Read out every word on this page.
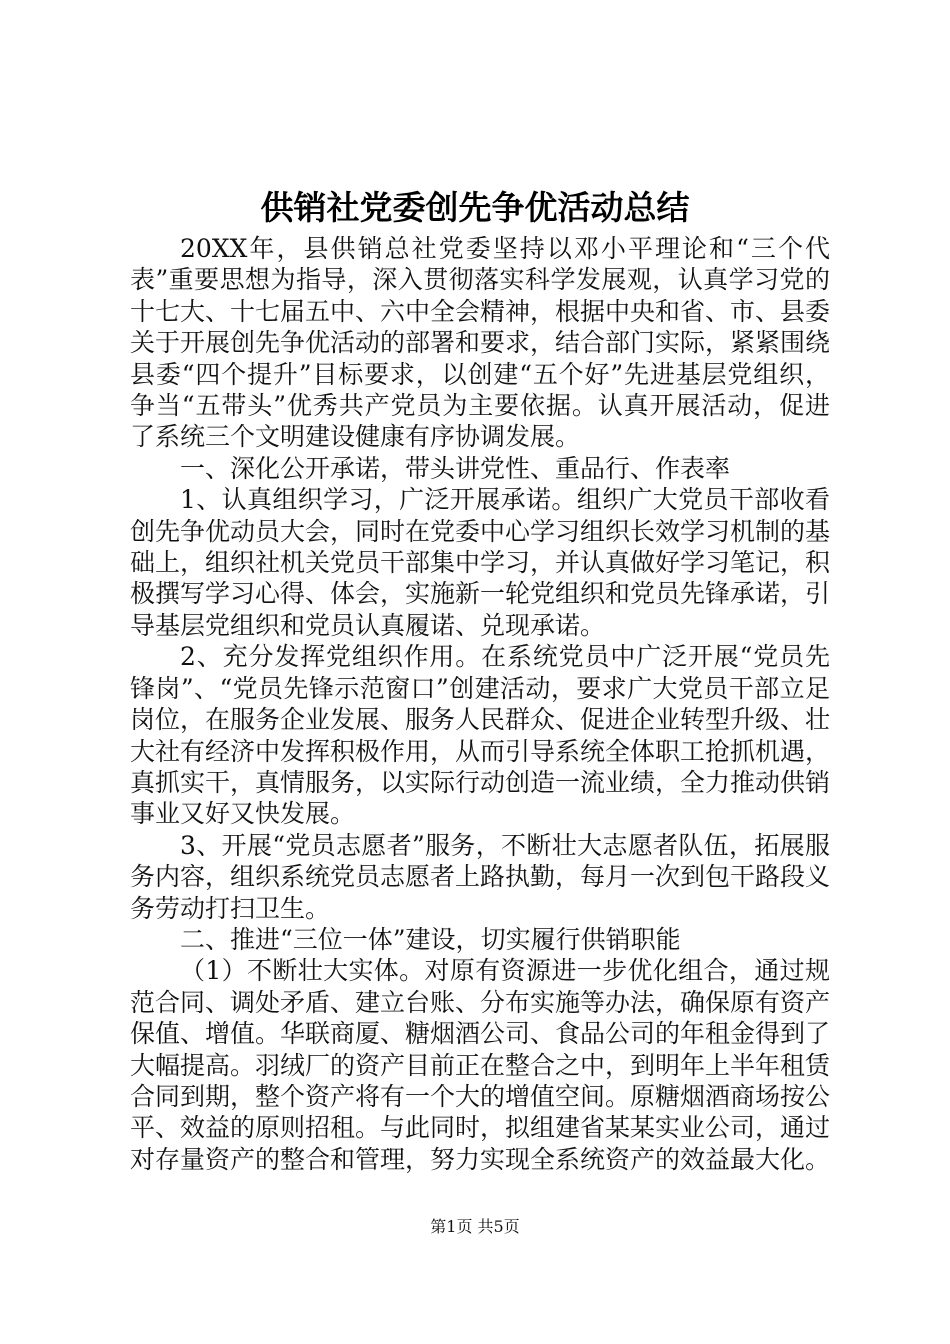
供销社党委创先争优活动总结

20XX年，县供销总社党委坚持以邓小平理论和“三个代表”重要思想为指导，深入贯彻落实科学发展观，认真学习党的十七大、十七届五中、六中全会精神，根据中央和省、市、县委关于开展创先争优活动的部署和要求，结合部门实际，紧紧围绕县委“四个提升”目标要求，以创建“五个好”先进基层党组织，争当“五带头”优秀共产党员为主要依据。认真开展活动，促进了系统三个文明建设健康有序协调发展。

一、深化公开承诺，带头讲党性、重品行、作表率

1、认真组织学习，广泛开展承诺。组织广大党员干部收看创先争优动员大会，同时在党委中心学习组织长效学习机制的基础上，组织社机关党员干部集中学习，并认真做好学习笔记，积极撰写学习心得、体会，实施新一轮党组织和党员先锋承诺，引导基层党组织和党员认真履诺、兑现承诺。

2、充分发挥党组织作用。在系统党员中广泛开展“党员先锋岗”、“党员先锋示范窗口”创建活动，要求广大党员干部立足岗位，在服务企业发展、服务人民群众、促进企业转型升级、壮大社有经济中发挥积极作用，从而引导系统全体职工抢抓机遇，真抓实干，真情服务，以实际行动创造一流业绩，全力推动供销事业又好又快发展。

3、开展“党员志愿者”服务，不断壮大志愿者队伍，拓展服务内容，组织系统党员志愿者上路执勤，每月一次到包干路段义务劳动打扫卫生。

二、推进“三位一体”建设，切实履行供销职能

（1）不断壮大实体。对原有资源进一步优化组合，通过规范合同、调处矛盾、建立台账、分布实施等办法，确保原有资产保值、增值。华联商厦、糖烟酒公司、食品公司的年租金得到了大幅提高。羽绒厂的资产目前正在整合之中，到明年上半年租赁合同到期，整个资产将有一个大的增值空间。原糖烟酒商场按公平、效益的原则招租。与此同时，拟组建省某某实业公司，通过对存量资产的整合和管理，努力实现全系统资产的效益最大化。

第1页 共5页
